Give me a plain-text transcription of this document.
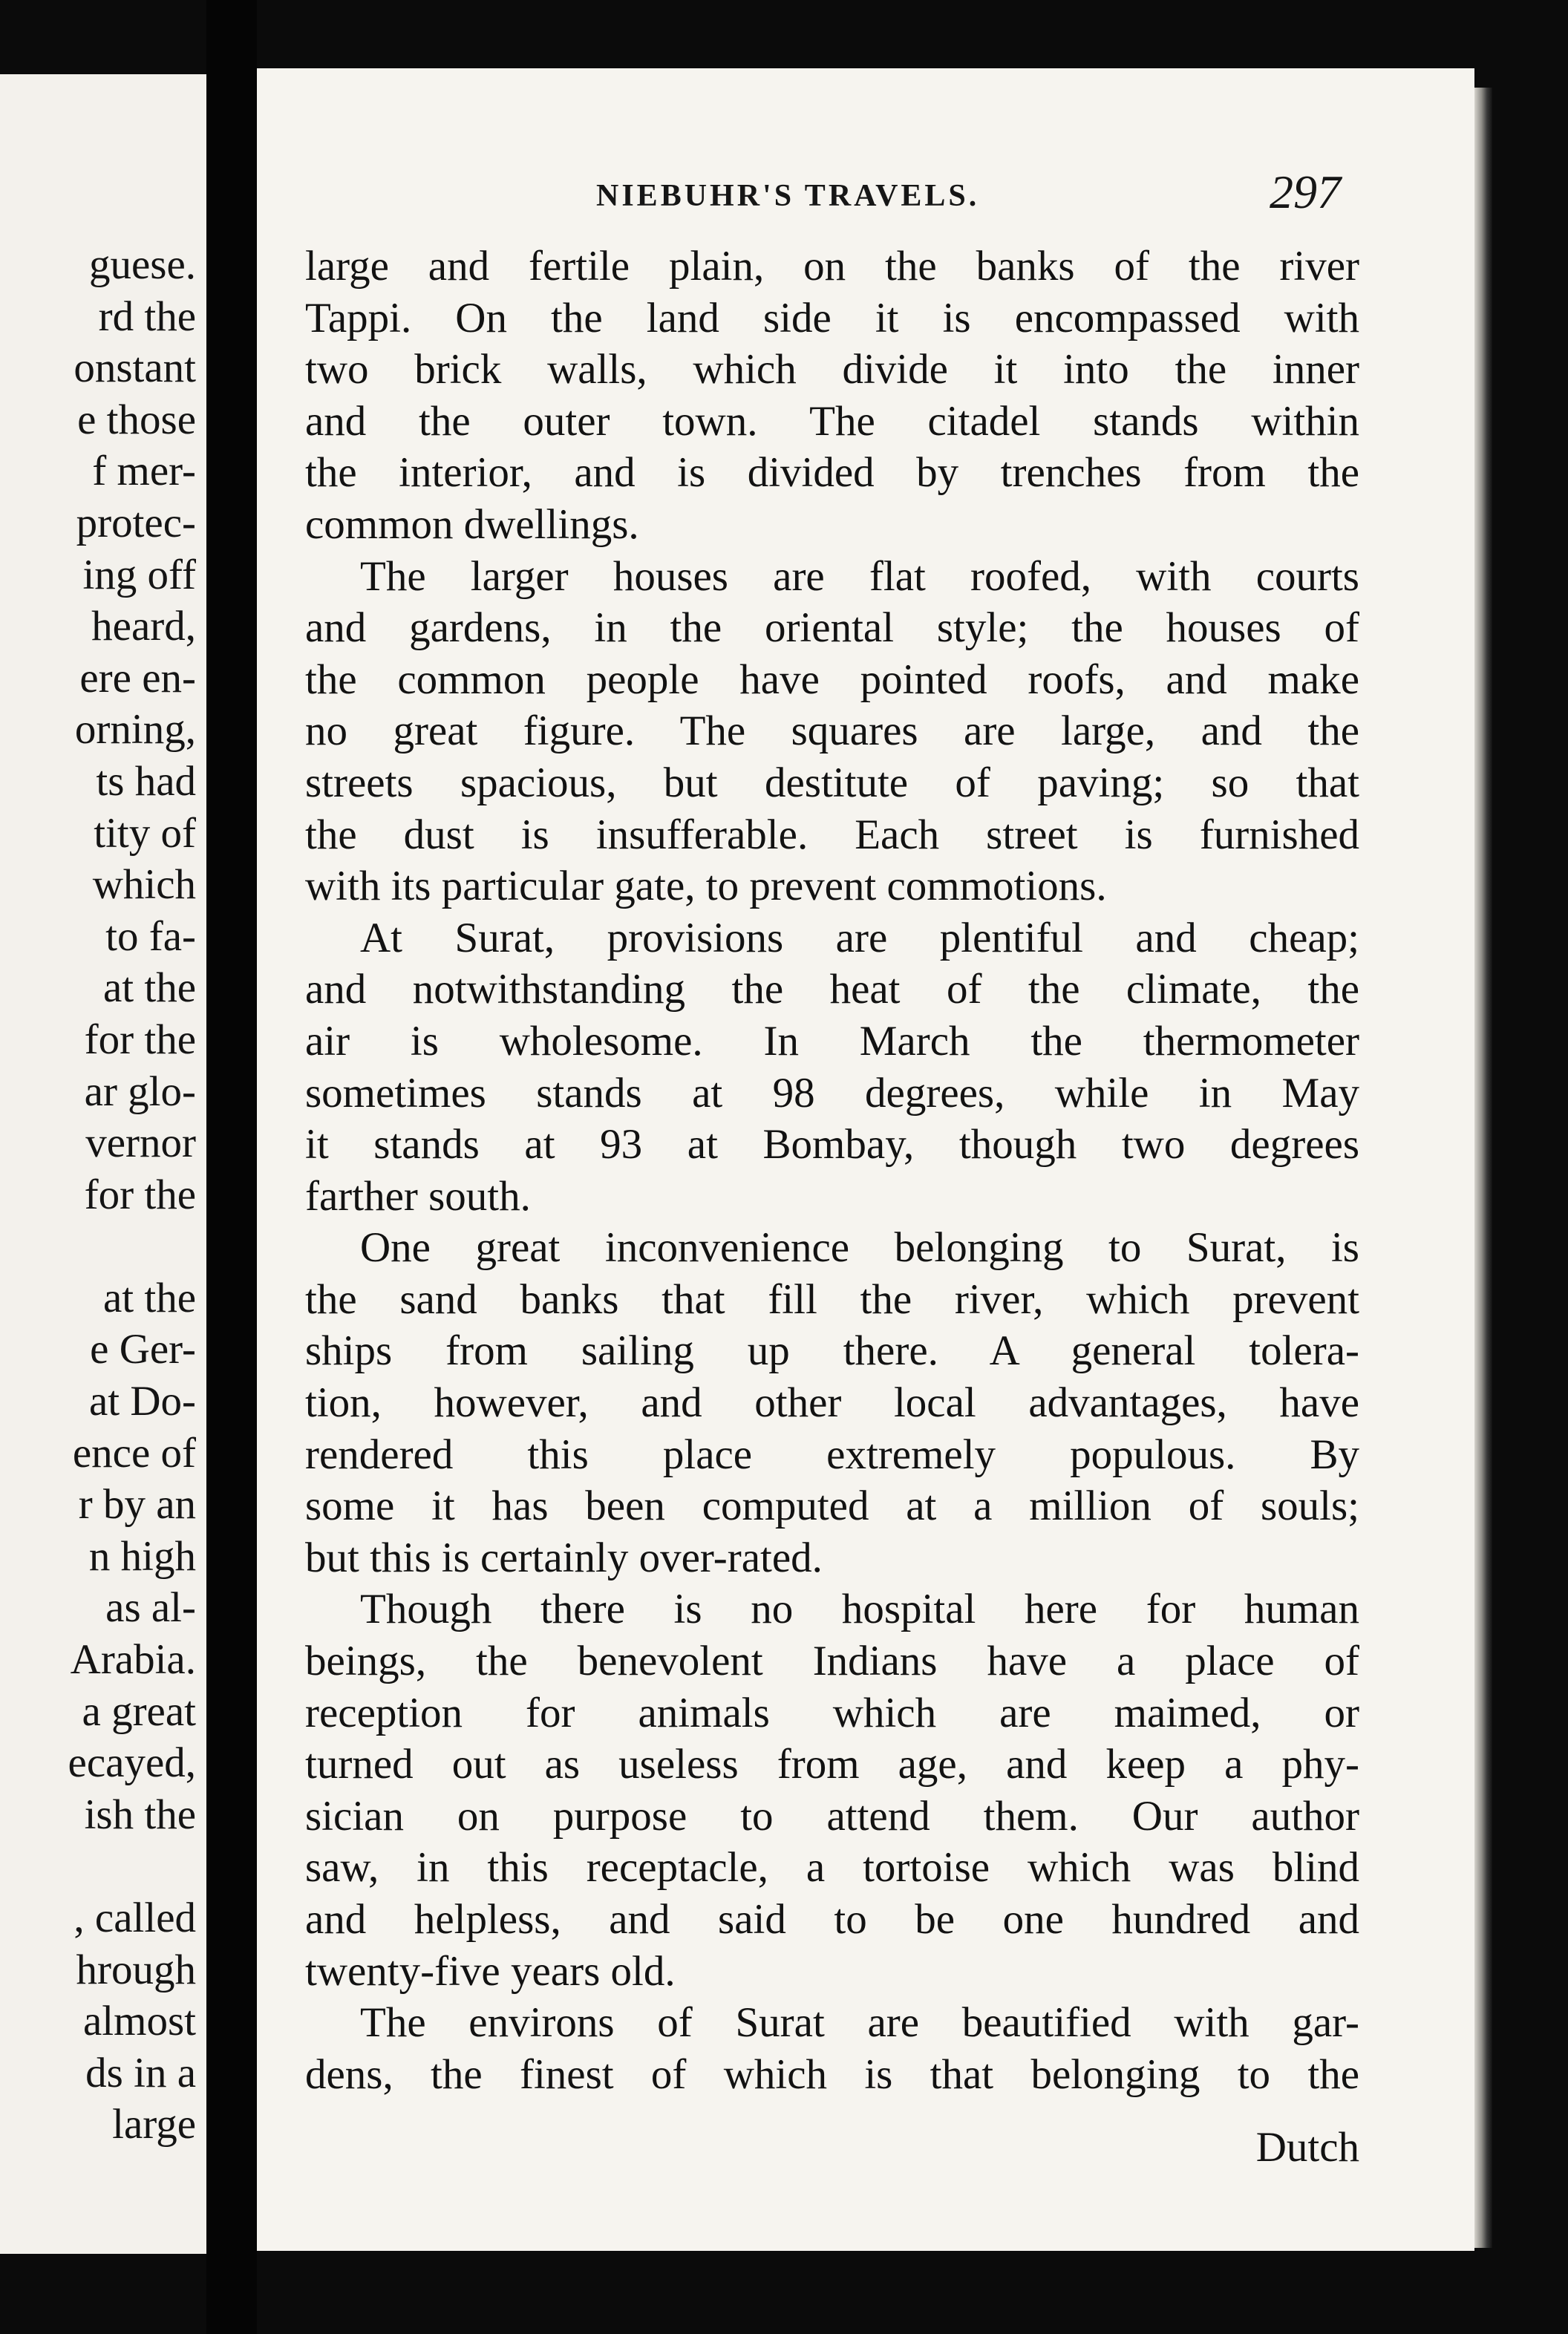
guese.
rd the
onstant
e those
f mer-
protec-
ing off
heard,
ere en-
orning,
ts had
tity of
which
to fa-
at the
for the
ar glo-
vernor
for the
at the
e Ger-
at Do-
ence of
r by an
n high
as al-
Arabia.
a great
ecayed,
ish the
, called
hrough
almost
ds in a
large
NIEBUHR'S TRAVELS.	297
large and fertile plain, on the banks of the river
Tappi. On the land side it is encompassed with
two brick walls, which divide it into the inner
and the outer town. The citadel stands within
the interior, and is divided by trenches from the
common dwellings.
The larger houses are flat roofed, with courts
and gardens, in the oriental style; the houses of
the common people have pointed roofs, and make
no great figure. The squares are large, and the
streets spacious, but destitute of paving; so that
the dust is insufferable. Each street is furnished
with its particular gate, to prevent commotions.
At Surat, provisions are plentiful and cheap;
and notwithstanding the heat of the climate, the
air is wholesome. In March the thermometer
sometimes stands at 98 degrees, while in May
it stands at 93 at Bombay, though two degrees
farther south.
One great inconvenience belonging to Surat, is
the sand banks that fill the river, which prevent
ships from sailing up there. A general tolera-
tion, however, and other local advantages, have
rendered this place extremely populous. By
some it has been computed at a million of souls;
but this is certainly over-rated.
Though there is no hospital here for human
beings, the benevolent Indians have a place of
reception for animals which are maimed, or
turned out as useless from age, and keep a phy-
sician on purpose to attend them. Our author
saw, in this receptacle, a tortoise which was blind
and helpless, and said to be one hundred and
twenty-five years old.
The environs of Surat are beautified with gar-
dens, the finest of which is that belonging to the
Dutch
